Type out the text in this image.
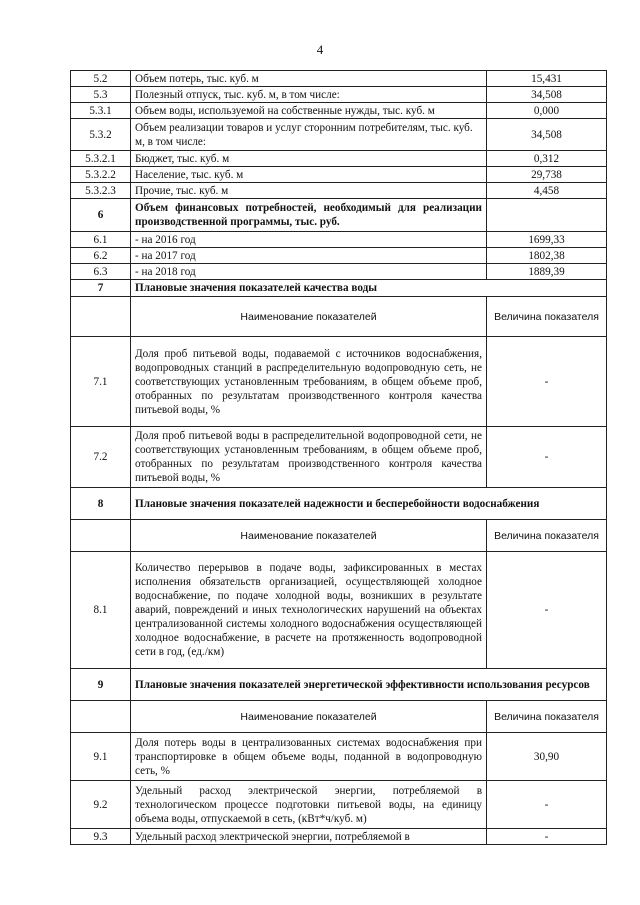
4
5.2	Объем потерь, тыс. куб. м	15,431
5.3	Полезный отпуск, тыс. куб. м, в том числе:	34,508
5.3.1	Объем воды, используемой на собственные нужды, тыс. куб. м	0,000
5.3.2	Объем реализации товаров и услуг сторонним потребителям, тыс. куб. м, в том числе:	34,508
5.3.2.1	Бюджет, тыс. куб. м	0,312
5.3.2.2	Население, тыс. куб. м	29,738
5.3.2.3	Прочие, тыс. куб. м	4,458
6	Объем финансовых потребностей, необходимый для реализации производственной программы, тыс. руб.	
6.1	- на 2016 год	1699,33
6.2	- на 2017 год	1802,38
6.3	- на 2018 год	1889,39
7	Плановые значения показателей качества воды	
	Наименование показателей	Величина показателя
7.1	Доля проб питьевой воды, подаваемой с источников водоснабжения, водопроводных станций в распределительную водопроводную сеть, не соответствующих установленным требованиям, в общем объеме проб, отобранных по результатам производственного контроля качества питьевой воды, %	-
7.2	Доля проб питьевой воды в распределительной водопроводной сети, не соответствующих установленным требованиям, в общем объеме проб, отобранных по результатам производственного контроля качества питьевой воды, %	-
8	Плановые значения показателей надежности и бесперебойности водоснабжения	
	Наименование показателей	Величина показателя
8.1	Количество перерывов в подаче воды, зафиксированных в местах исполнения обязательств организацией, осуществляющей холодное водоснабжение, по подаче холодной воды, возникших в результате аварий, повреждений и иных технологических нарушений на объектах централизованной системы холодного водоснабжения осуществляющей холодное водоснабжение, в расчете на протяженность водопроводной сети в год, (ед./км)	-
9	Плановые значения показателей энергетической эффективности использования ресурсов	
	Наименование показателей	Величина показателя
9.1	Доля потерь воды в централизованных системах водоснабжения при транспортировке в общем объеме воды, поданной в водопроводную сеть, %	30,90
9.2	Удельный расход электрической энергии, потребляемой в технологическом процессе подготовки питьевой воды, на единицу объема воды, отпускаемой в сеть, (кВт*ч/куб. м)	-
9.3	Удельный расход электрической энергии, потребляемой в	-
